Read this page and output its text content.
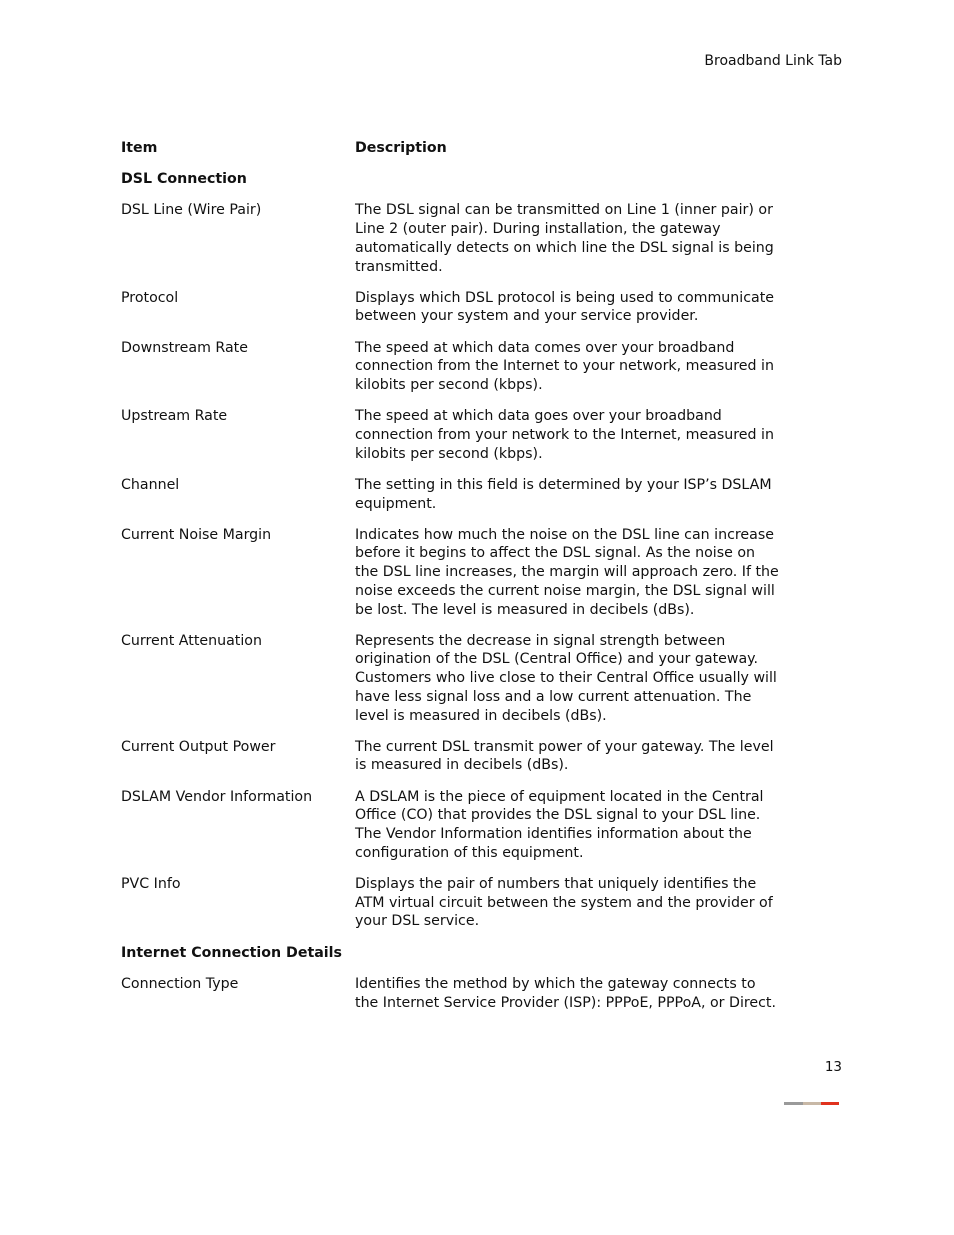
Broadband Link Tab
Item	Description
DSL Connection
DSL Line (Wire Pair)	The DSL signal can be transmitted on Line 1 (inner pair) or Line 2 (outer pair). During installation, the gateway automatically detects on which line the DSL signal is being transmitted.
Protocol	Displays which DSL protocol is being used to communicate between your system and your service provider.
Downstream Rate	The speed at which data comes over your broadband connection from the Internet to your network, measured in kilobits per second (kbps).
Upstream Rate	The speed at which data goes over your broadband connection from your network to the Internet, measured in kilobits per second (kbps).
Channel	The setting in this field is determined by your ISP’s DSLAM equipment.
Current Noise Margin	Indicates how much the noise on the DSL line can increase before it begins to affect the DSL signal. As the noise on the DSL line increases, the margin will approach zero. If the noise exceeds the current noise margin, the DSL signal will be lost. The level is measured in decibels (dBs).
Current Attenuation	Represents the decrease in signal strength between origination of the DSL (Central Office) and your gateway. Customers who live close to their Central Office usually will have less signal loss and a low current attenuation. The level is measured in decibels (dBs).
Current Output Power	The current DSL transmit power of your gateway. The level is measured in decibels (dBs).
DSLAM Vendor Information	A DSLAM is the piece of equipment located in the Central Office (CO) that provides the DSL signal to your DSL line. The Vendor Information identifies information about the configuration of this equipment.
PVC Info	Displays the pair of numbers that uniquely identifies the ATM virtual circuit between the system and the provider of your DSL service.
Internet Connection Details
Connection Type	Identifies the method by which the gateway connects to the Internet Service Provider (ISP): PPPoE, PPPoA, or Direct.
13
